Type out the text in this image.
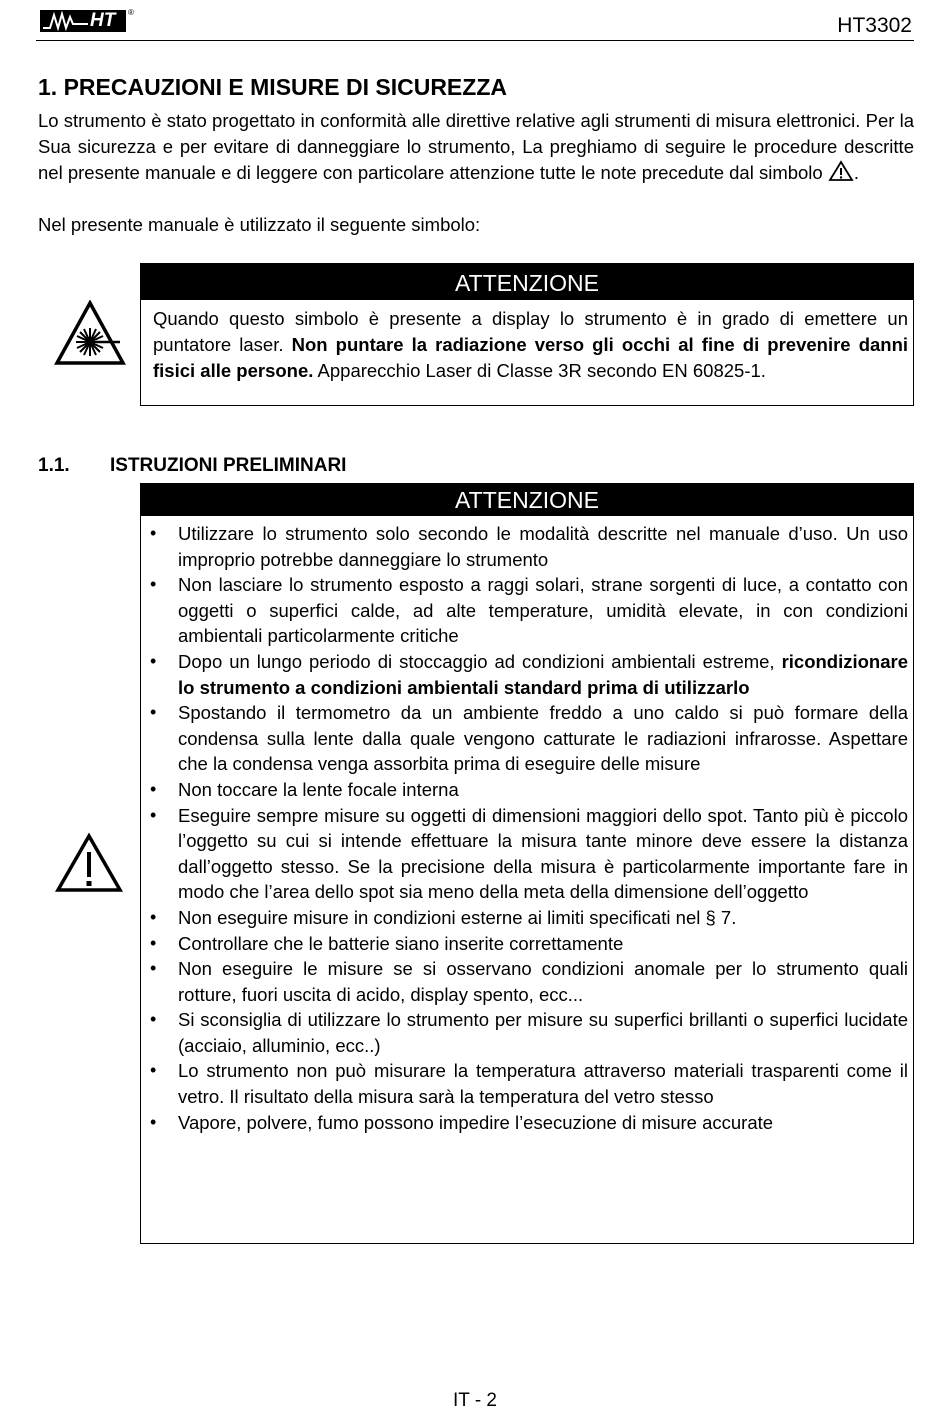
HT ®
HT3302
1. PRECAUZIONI E MISURE DI SICUREZZA

Lo strumento è stato progettato in conformità alle direttive relative agli strumenti di misura elettronici. Per la Sua sicurezza e per evitare di danneggiare lo strumento, La preghiamo di seguire le procedure descritte nel presente manuale e di leggere con particolare attenzione tutte le note precedute dal simbolo .

Nel presente manuale è utilizzato il seguente simbolo:

ATTENZIONE
Quando questo simbolo è presente a display lo strumento è in grado di emettere un puntatore laser. Non puntare la radiazione verso gli occhi al fine di prevenire danni fisici alle persone. Apparecchio Laser di Classe 3R secondo EN 60825-1.
1.1. ISTRUZIONI PRELIMINARI
ATTENZIONE
• Utilizzare lo strumento solo secondo le modalità descritte nel manuale d’uso. Un uso improprio potrebbe danneggiare lo strumento
• Non lasciare lo strumento esposto a raggi solari, strane sorgenti di luce, a contatto con oggetti o superfici calde, ad alte temperature, umidità elevate, in con condizioni ambientali particolarmente critiche
• Dopo un lungo periodo di stoccaggio ad condizioni ambientali estreme, ricondizionare lo strumento a condizioni ambientali standard prima di utilizzarlo
• Spostando il termometro da un ambiente freddo a uno caldo si può formare della condensa sulla lente dalla quale vengono catturate le radiazioni infrarosse. Aspettare che la condensa venga assorbita prima di eseguire delle misure
• Non toccare la lente focale interna
• Eseguire sempre misure su oggetti di dimensioni maggiori dello spot. Tanto più è piccolo l’oggetto su cui si intende effettuare la misura tante minore deve essere la distanza dall’oggetto stesso. Se la precisione della misura è particolarmente importante fare in modo che l’area dello spot sia meno della meta della dimensione dell’oggetto
• Non eseguire misure in condizioni esterne ai limiti specificati nel § 7.
• Controllare che le batterie siano inserite correttamente
• Non eseguire le misure se si osservano condizioni anomale per lo strumento quali rotture, fuori uscita di acido, display spento, ecc...
• Si sconsiglia di utilizzare lo strumento per misure su superfici brillanti o superfici lucidate (acciaio, alluminio, ecc..)
• Lo strumento non può misurare la temperatura attraverso materiali trasparenti come il vetro. Il risultato della misura sarà la temperatura del vetro stesso
• Vapore, polvere, fumo possono impedire l’esecuzione di misure accurate
IT - 2
